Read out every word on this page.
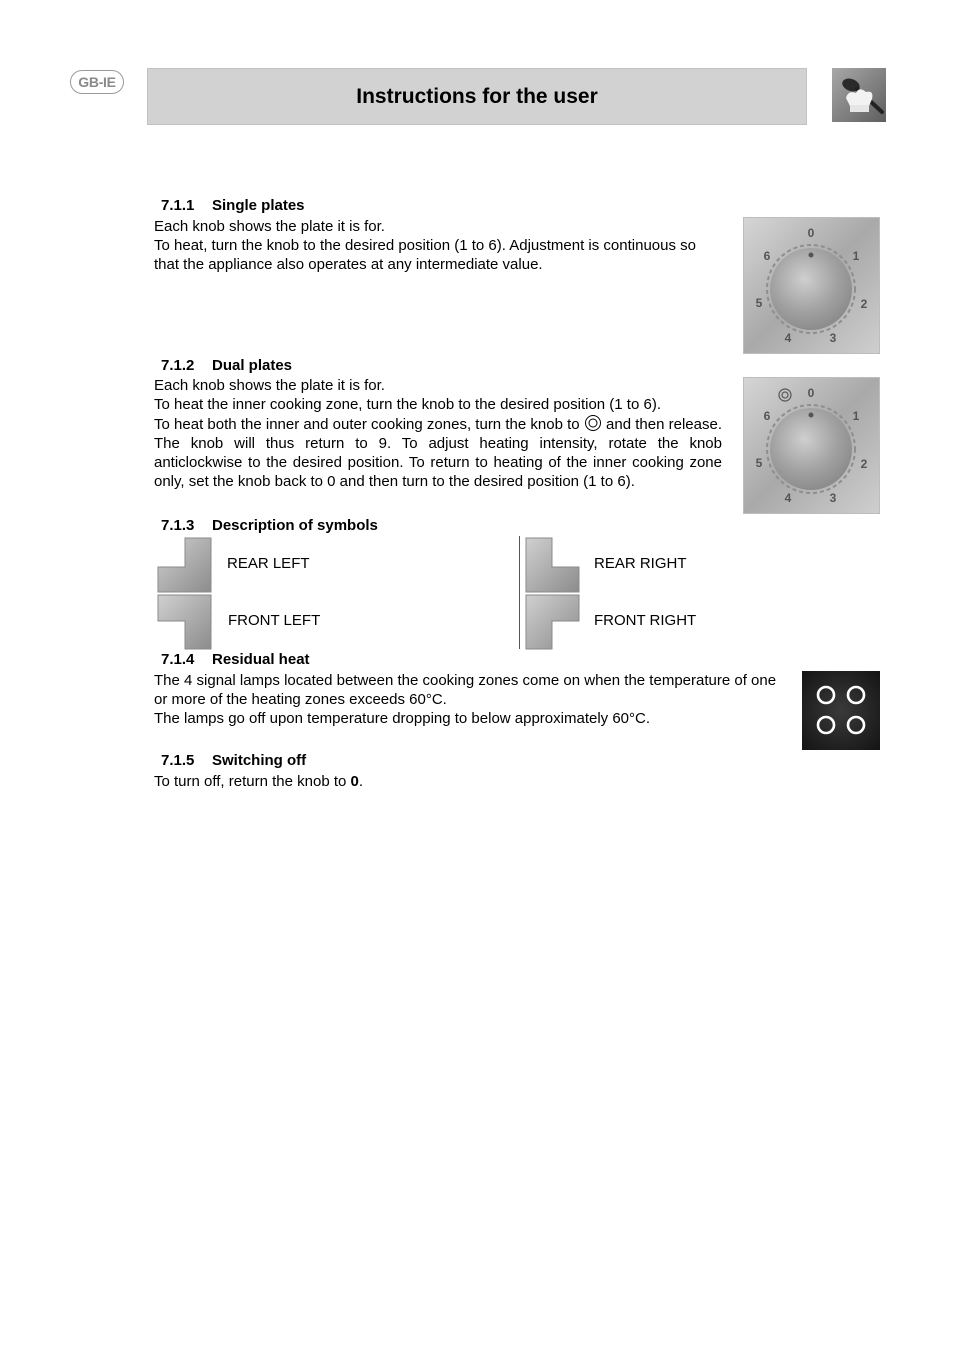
GB-IE
Instructions for the user
7.1.1 Single plates

Each knob shows the plate it is for.

To heat, turn the knob to the desired position (1 to 6). Adjustment is continuous so that the appliance also operates at any intermediate value.

0
1
2
3
4
5
6
7.1.2 Dual plates

Each knob shows the plate it is for.

To heat the inner cooking zone, turn the knob to the desired position (1 to 6).

To heat both the inner and outer cooking zones, turn the knob to and then release. The knob will thus return to 9. To adjust heating intensity, rotate the knob anticlockwise to the desired position. To return to heating of the inner cooking zone only, set the knob back to 0 and then turn to the desired position (1 to 6).

0
1
2
3
4
5
6
7.1.3 Description of symbols
REAR LEFT
FRONT LEFT
REAR RIGHT
FRONT RIGHT
7.1.4 Residual heat

The 4 signal lamps located between the cooking zones come on when the temperature of one or more of the heating zones exceeds 60°C.

The lamps go off upon temperature dropping to below approximately 60°C.

7.1.5 Switching off

To turn off, return the knob to 0.
